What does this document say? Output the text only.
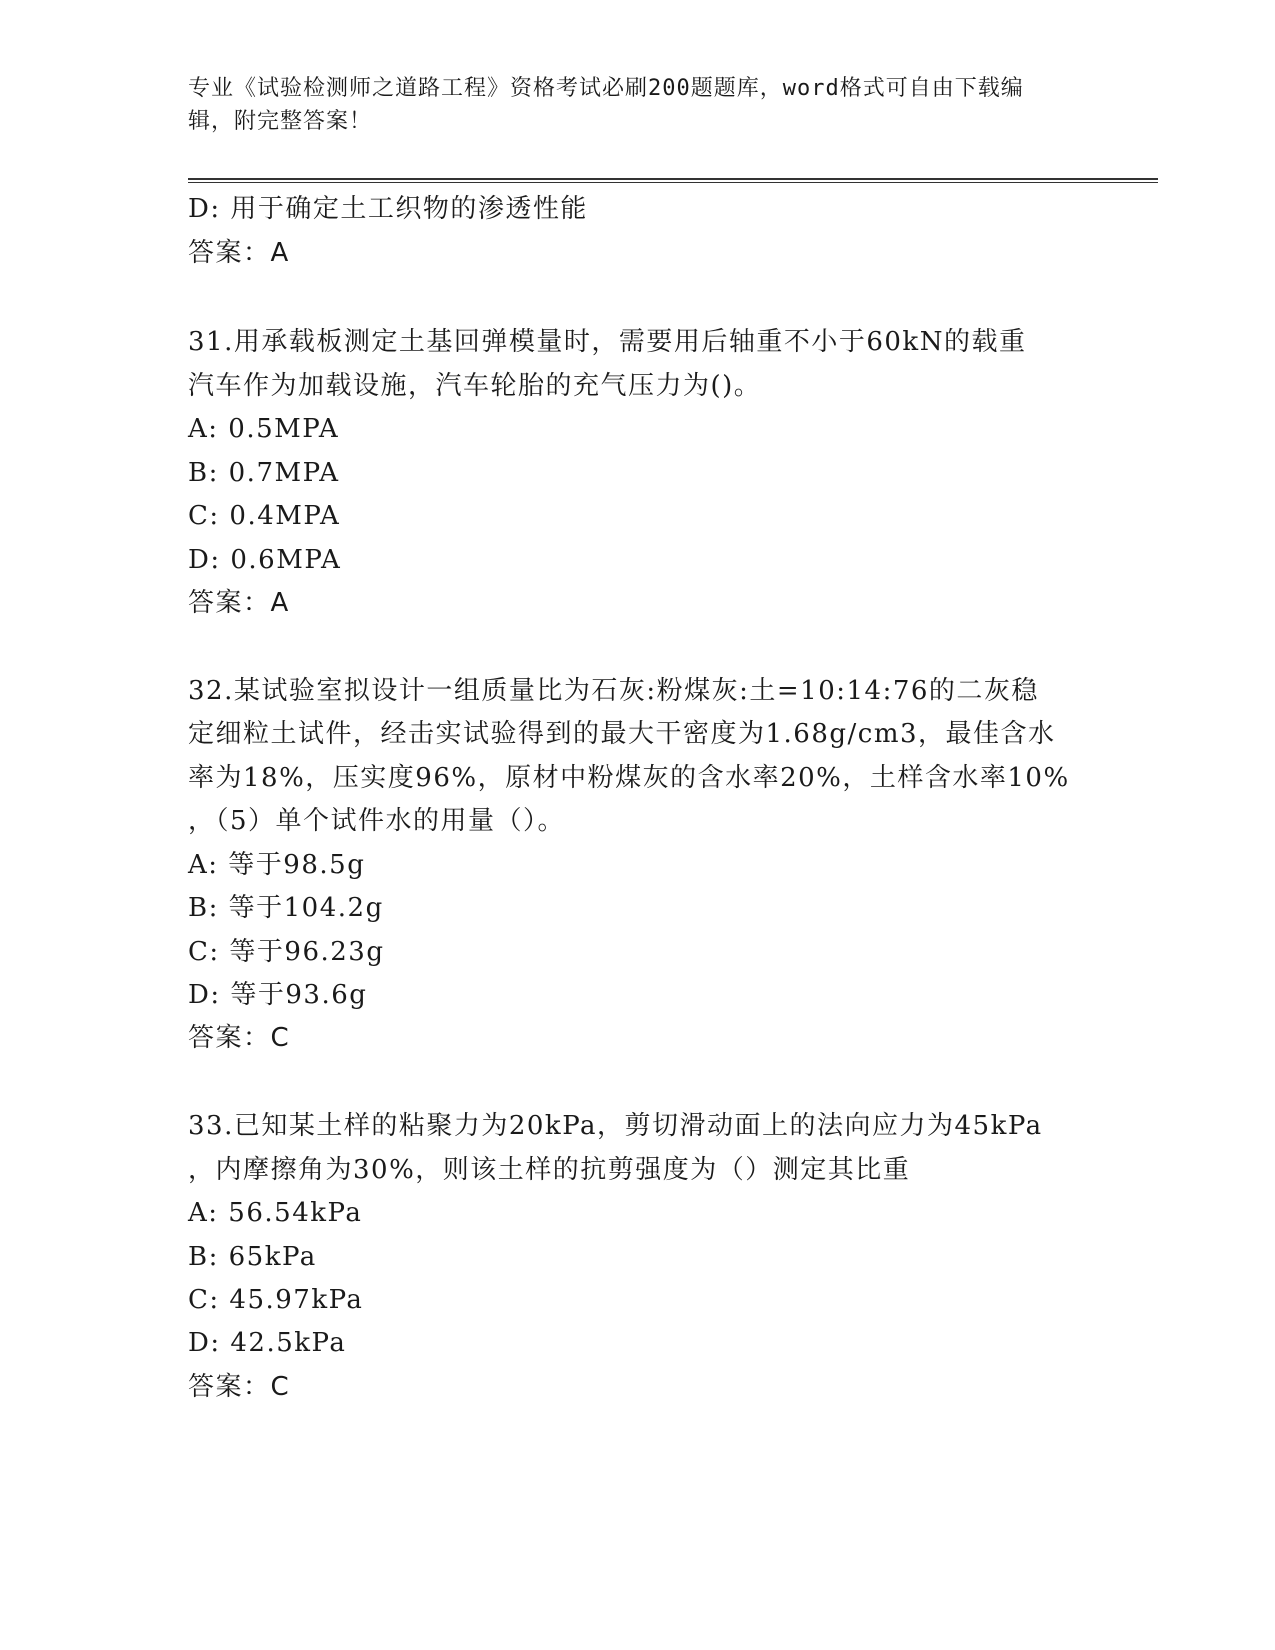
专业《试验检测师之道路工程》资格考试必刷200题题库，word格式可自由下载编辑，附完整答案！
D: 用于确定土工织物的渗透性能
答案：A
31.用承载板测定土基回弹模量时，需要用后轴重不小于60kN的载重
汽车作为加载设施，汽车轮胎的充气压力为()。
A: 0.5MPA
B: 0.7MPA
C: 0.4MPA
D: 0.6MPA
答案：A
32.某试验室拟设计一组质量比为石灰:粉煤灰:土=10:14:76的二灰稳
定细粒土试件，经击实试验得到的最大干密度为1.68g/cm3，最佳含水
率为18%，压实度96%，原材中粉煤灰的含水率20%，土样含水率10%
，（5）单个试件水的用量（）。
A: 等于98.5g
B: 等于104.2g
C: 等于96.23g
D: 等于93.6g
答案：C
33.已知某土样的粘聚力为20kPa，剪切滑动面上的法向应力为45kPa
，内摩擦角为30%，则该土样的抗剪强度为（）测定其比重
A: 56.54kPa
B: 65kPa
C: 45.97kPa
D: 42.5kPa
答案：C
